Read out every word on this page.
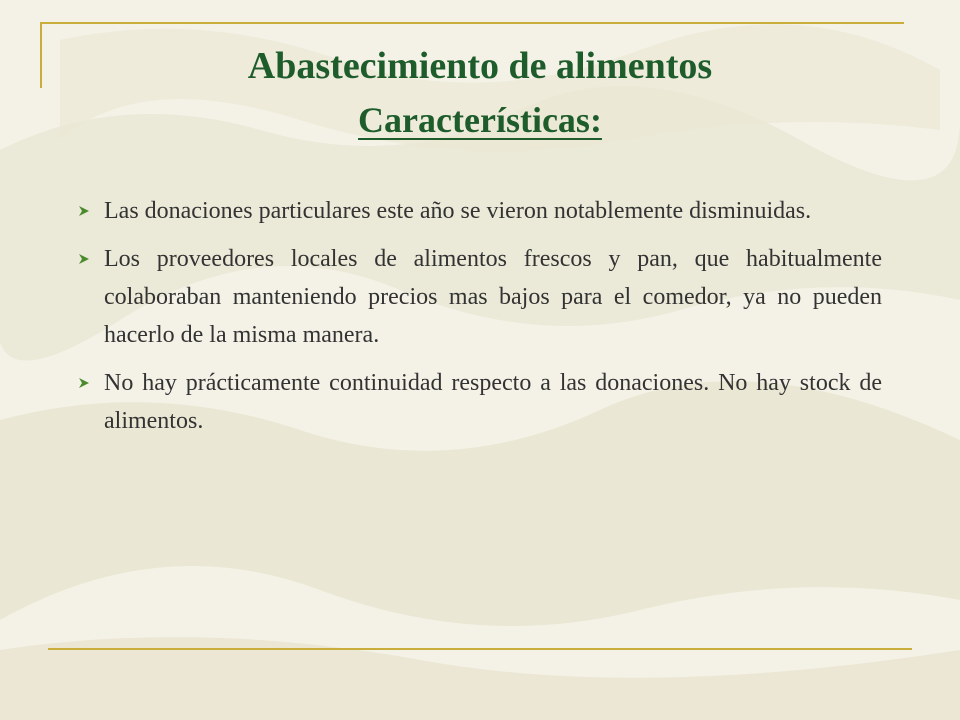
Abastecimiento de alimentos
Características:
Las donaciones particulares este año se vieron notablemente disminuidas.
Los proveedores locales de alimentos frescos y pan, que habitualmente colaboraban manteniendo precios mas bajos para el comedor, ya no pueden hacerlo de la misma manera.
No hay prácticamente continuidad respecto a las donaciones. No hay stock de alimentos.
